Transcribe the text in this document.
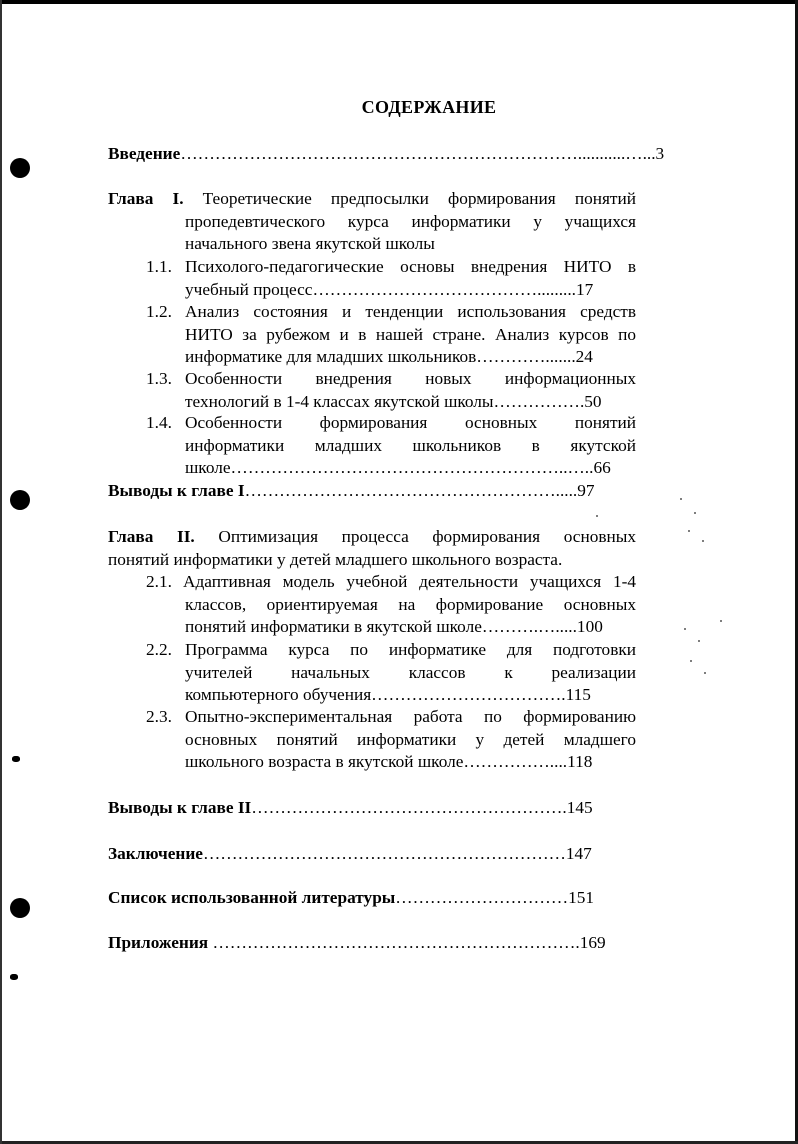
СОДЕРЖАНИЕ
Введение……………………………………………………………...........…...3
Глава I. Теоретические предпосылки формирования понятий
пропедевтического курса информатики у учащихся
начального звена якутской школы
1.1. Психолого-педагогические основы внедрения НИТО в
учебный процесс………………………………….........17
1.2. Анализ состояния и тенденции использования средств
НИТО за рубежом и в нашей стране. Анализ курсов по
информатике для младших школьников………….......24
1.3. Особенности внедрения новых информационных
технологий в 1-4 классах якутской школы…………….50
1.4. Особенности формирования основных понятий
информатики младших школьников в якутской
школе…………………………………………………..…..66
Выводы к главе I……………………………………………….....97
Глава II. Оптимизация процесса формирования основных
понятий информатики у детей младшего школьного возраста.
2.1. Адаптивная модель учебной деятельности учащихся 1-4
классов, ориентируемая на формирование основных
понятий информатики в якутской школе……….….....100
2.2. Программа курса по информатике для подготовки
учителей начальных классов к реализации
компьютерного обучения…………………………….115
2.3. Опытно-экспериментальная работа по формированию
основных понятий информатики у детей младшего
школьного возраста в якутской школе……………....118
Выводы к главе II……………………………………………….145
Заключение………………………………………………………147
Список использованной литературы…………………………151
Приложения ……………………………………………………….169
